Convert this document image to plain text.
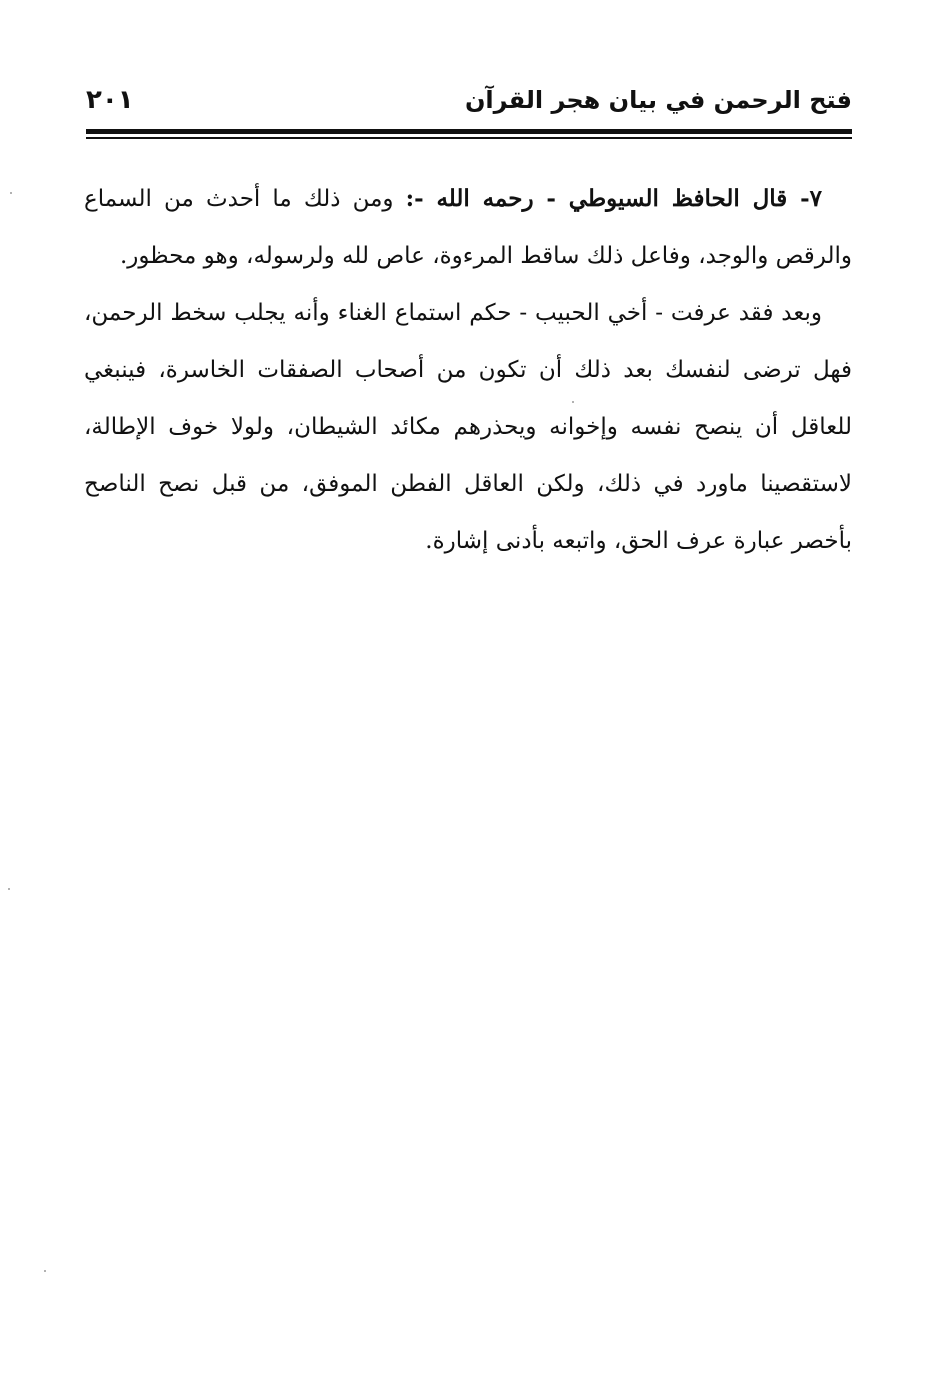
فتح الرحمن في بيان هجر القرآن
٢٠١

٧- قال الحافظ السيوطي - رحمه الله -: ومن ذلك ما أحدث من السماع والرقص والوجد، وفاعل ذلك ساقط المرءوة، عاص لله ولرسوله، وهو محظور.

وبعد فقد عرفت - أخي الحبيب - حكم استماع الغناء وأنه يجلب سخط الرحمن، فهل ترضى لنفسك بعد ذلك أن تكون من أصحاب الصفقات الخاسرة، فينبغي للعاقل أن ينصح نفسه وإخوانه ويحذرهم مكائد الشيطان، ولولا خوف الإطالة، لاستقصينا ماورد في ذلك، ولكن العاقل الفطن الموفق، من قبل نصح الناصح بأخصر عبارة عرف الحق، واتبعه بأدنى إشارة.
